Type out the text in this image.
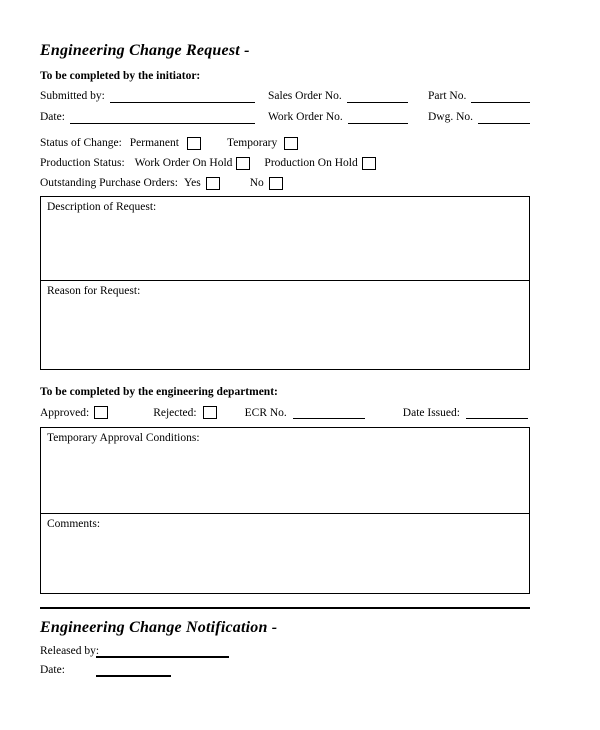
Engineering Change Request -
To be completed by the initiator:
Submitted by:	Sales Order No.	Part No.
Date:	Work Order No.	Dwg. No.
Status of Change: Permanent	Temporary
Production Status: Work Order On Hold	Production On Hold
Outstanding Purchase Orders: Yes	No
Description of Request:
Reason for Request:
To be completed by the engineering department:
Approved:	Rejected:	ECR No.	Date Issued:
Temporary Approval Conditions:
Comments:
Engineering Change Notification -
Released by:
Date:
